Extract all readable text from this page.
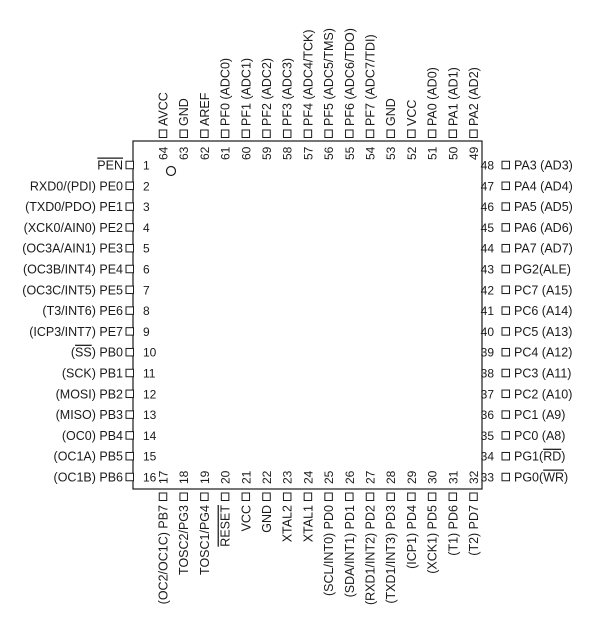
PEN 1
RXD0/(PDI) PE0 2
(TXD0/PDO) PE1 3
(XCK0/AIN0) PE2 4
(OC3A/AIN1) PE3 5
(OC3B/INT4) PE4 6
(OC3C/INT5) PE5 7
(T3/INT6) PE6 8
(ICP3/INT7) PE7 9
(SS) PB0 10
(SCK) PB1 11
(MOSI) PB2 12
(MISO) PB3 13
(OC0) PB4 14
(OC1A) PB5 15
(OC1B) PB6 16
PA3 (AD3)
48
PA4 (AD4)
47
PA5 (AD5)
46
PA6 (AD6)
45
PA7 (AD7)
44
PG2(ALE)
43
PC7 (A15)
42
PC6 (A14)
41
PC5 (A13)
40
PC4 (A12)
39
PC3 (A11)
38
PC2 (A10)
37
PC1 (A9)
36
PC0 (A8)
35
PG1(RD)
34
PG0(WR)
33
AVCC
64
GND
63
AREF
62
PF0 (ADC0)
61
PF1 (ADC1)
60
PF2 (ADC2)
59
PF3 (ADC3)
58
PF4 (ADC4/TCK)
57
PF5 (ADC5/TMS)
56
PF6 (ADC6/TDO)
55
PF7 (ADC7/TDI)
54
GND
53
VCC
52
PA0 (AD0)
51
PA1 (AD1)
50
PA2 (AD2)
49
(OC2/OC1C) PB7
17
TOSC2/PG3
18
TOSC1/PG4
19
RESET
20
VCC
21
GND
22
XTAL2
23
XTAL1
24
(SCL/INT0) PD0
25
(SDA/INT1) PD1
26
(RXD1/INT2) PD2
27
(TXD1/INT3) PD3
28
(ICP1) PD4
29
(XCK1) PD5
30
(T1) PD6
31
(T2) PD7
32
